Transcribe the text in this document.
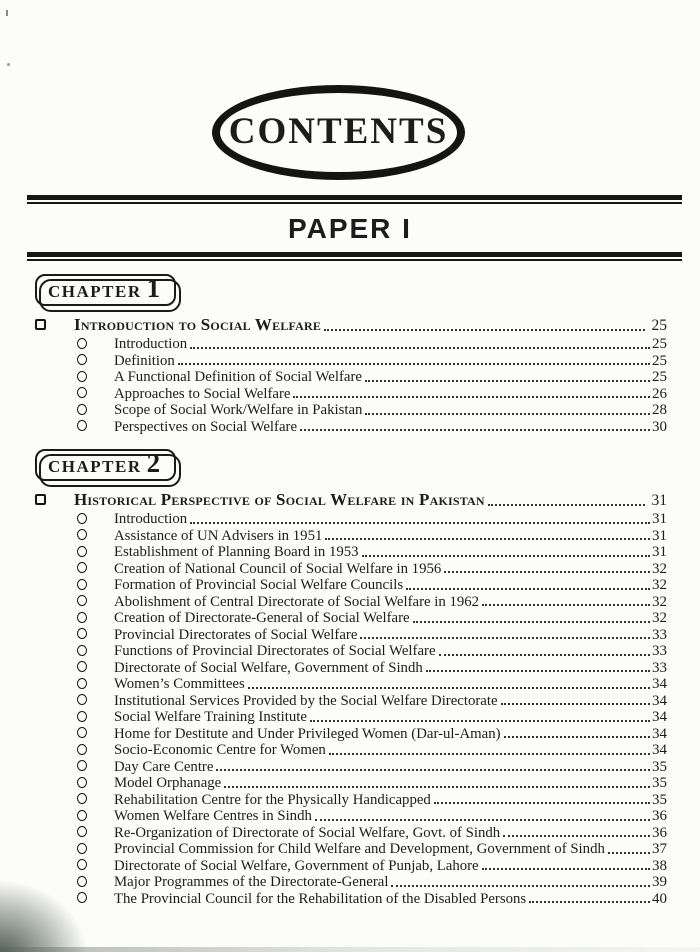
CONTENTS
PAPER I
CHAPTER 1
Introduction to Social Welfare	25
Introduction	25
Definition	25
A Functional Definition of Social Welfare	25
Approaches to Social Welfare	26
Scope of Social Work/Welfare in Pakistan	28
Perspectives on Social Welfare	30
CHAPTER 2
Historical Perspective of Social Welfare in Pakistan	31
Introduction	31
Assistance of UN Advisers in 1951	31
Establishment of Planning Board in 1953	31
Creation of National Council of Social Welfare in 1956	32
Formation of Provincial Social Welfare Councils	32
Abolishment of Central Directorate of Social Welfare in 1962	32
Creation of Directorate-General of Social Welfare	32
Provincial Directorates of Social Welfare	33
Functions of Provincial Directorates of Social Welfare	33
Directorate of Social Welfare, Government of Sindh	33
Women’s Committees	34
Institutional Services Provided by the Social Welfare Directorate	34
Social Welfare Training Institute	34
Home for Destitute and Under Privileged Women (Dar-ul-Aman)	34
Socio-Economic Centre for Women	34
Day Care Centre	35
Model Orphanage	35
Rehabilitation Centre for the Physically Handicapped	35
Women Welfare Centres in Sindh	36
Re-Organization of Directorate of Social Welfare, Govt. of Sindh	36
Provincial Commission for Child Welfare and Development, Government of Sindh	37
Directorate of Social Welfare, Government of Punjab, Lahore	38
Major Programmes of the Directorate-General	39
The Provincial Council for the Rehabilitation of the Disabled Persons	40
